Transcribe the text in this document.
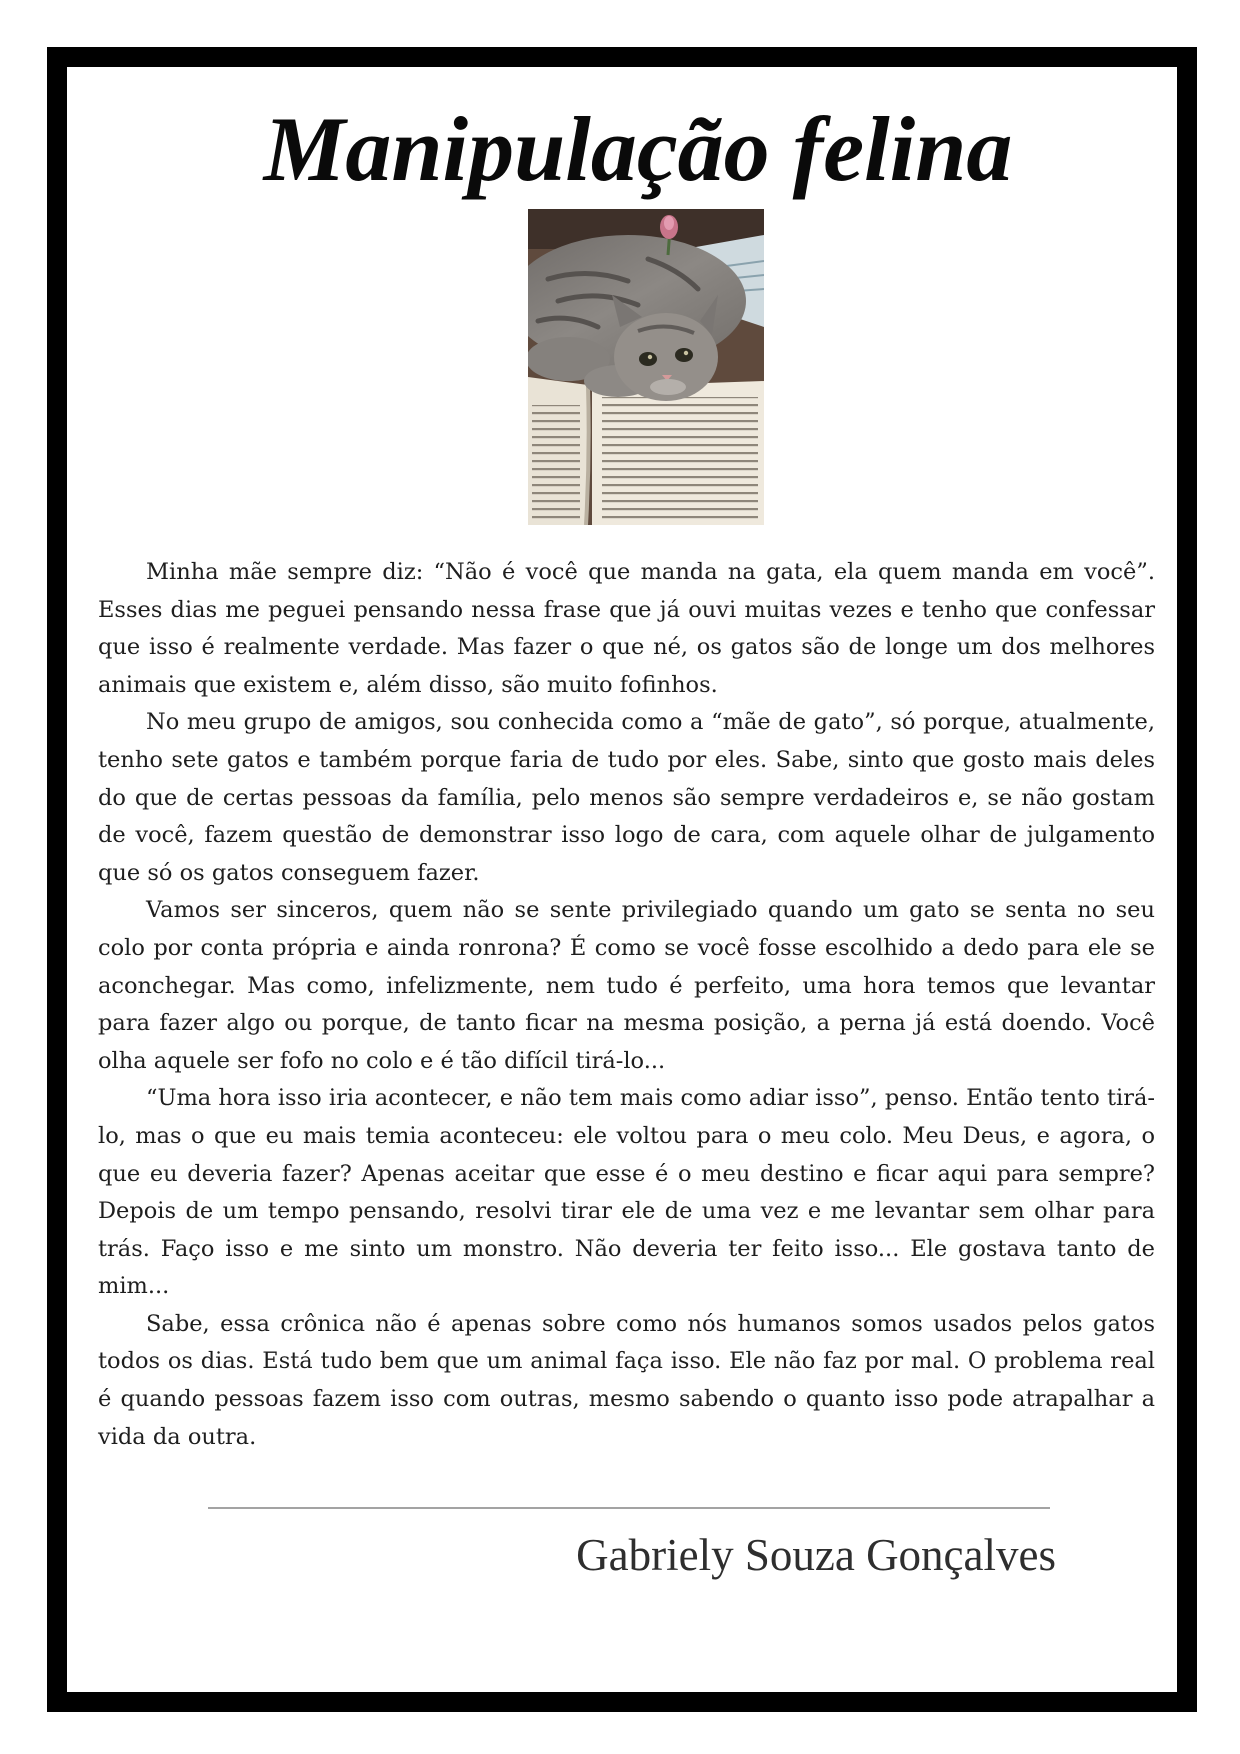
Manipulação felina

Minha mãe sempre diz: “Não é você que manda na gata, ela quem manda em você”. Esses dias me peguei pensando nessa frase que já ouvi muitas vezes e tenho que confessar que isso é realmente verdade. Mas fazer o que né, os gatos são de longe um dos melhores animais que existem e, além disso, são muito fofinhos.

No meu grupo de amigos, sou conhecida como a “mãe de gato”, só porque, atualmente, tenho sete gatos e também porque faria de tudo por eles. Sabe, sinto que gosto mais deles do que de certas pessoas da família, pelo menos são sempre verdadeiros e, se não gostam de você, fazem questão de demonstrar isso logo de cara, com aquele olhar de julgamento que só os gatos conseguem fazer.

Vamos ser sinceros, quem não se sente privilegiado quando um gato se senta no seu colo por conta própria e ainda ronrona? É como se você fosse escolhido a dedo para ele se aconchegar. Mas como, infelizmente, nem tudo é perfeito, uma hora temos que levantar para fazer algo ou porque, de tanto ficar na mesma posição, a perna já está doendo. Você olha aquele ser fofo no colo e é tão difícil tirá-lo...

“Uma hora isso iria acontecer, e não tem mais como adiar isso”, penso. Então tento tirá-lo, mas o que eu mais temia aconteceu: ele voltou para o meu colo. Meu Deus, e agora, o que eu deveria fazer? Apenas aceitar que esse é o meu destino e ficar aqui para sempre? Depois de um tempo pensando, resolvi tirar ele de uma vez e me levantar sem olhar para trás. Faço isso e me sinto um monstro. Não deveria ter feito isso... Ele gostava tanto de mim...

Sabe, essa crônica não é apenas sobre como nós humanos somos usados pelos gatos todos os dias. Está tudo bem que um animal faça isso. Ele não faz por mal. O problema real é quando pessoas fazem isso com outras, mesmo sabendo o quanto isso pode atrapalhar a vida da outra.

Gabriely Souza Gonçalves
